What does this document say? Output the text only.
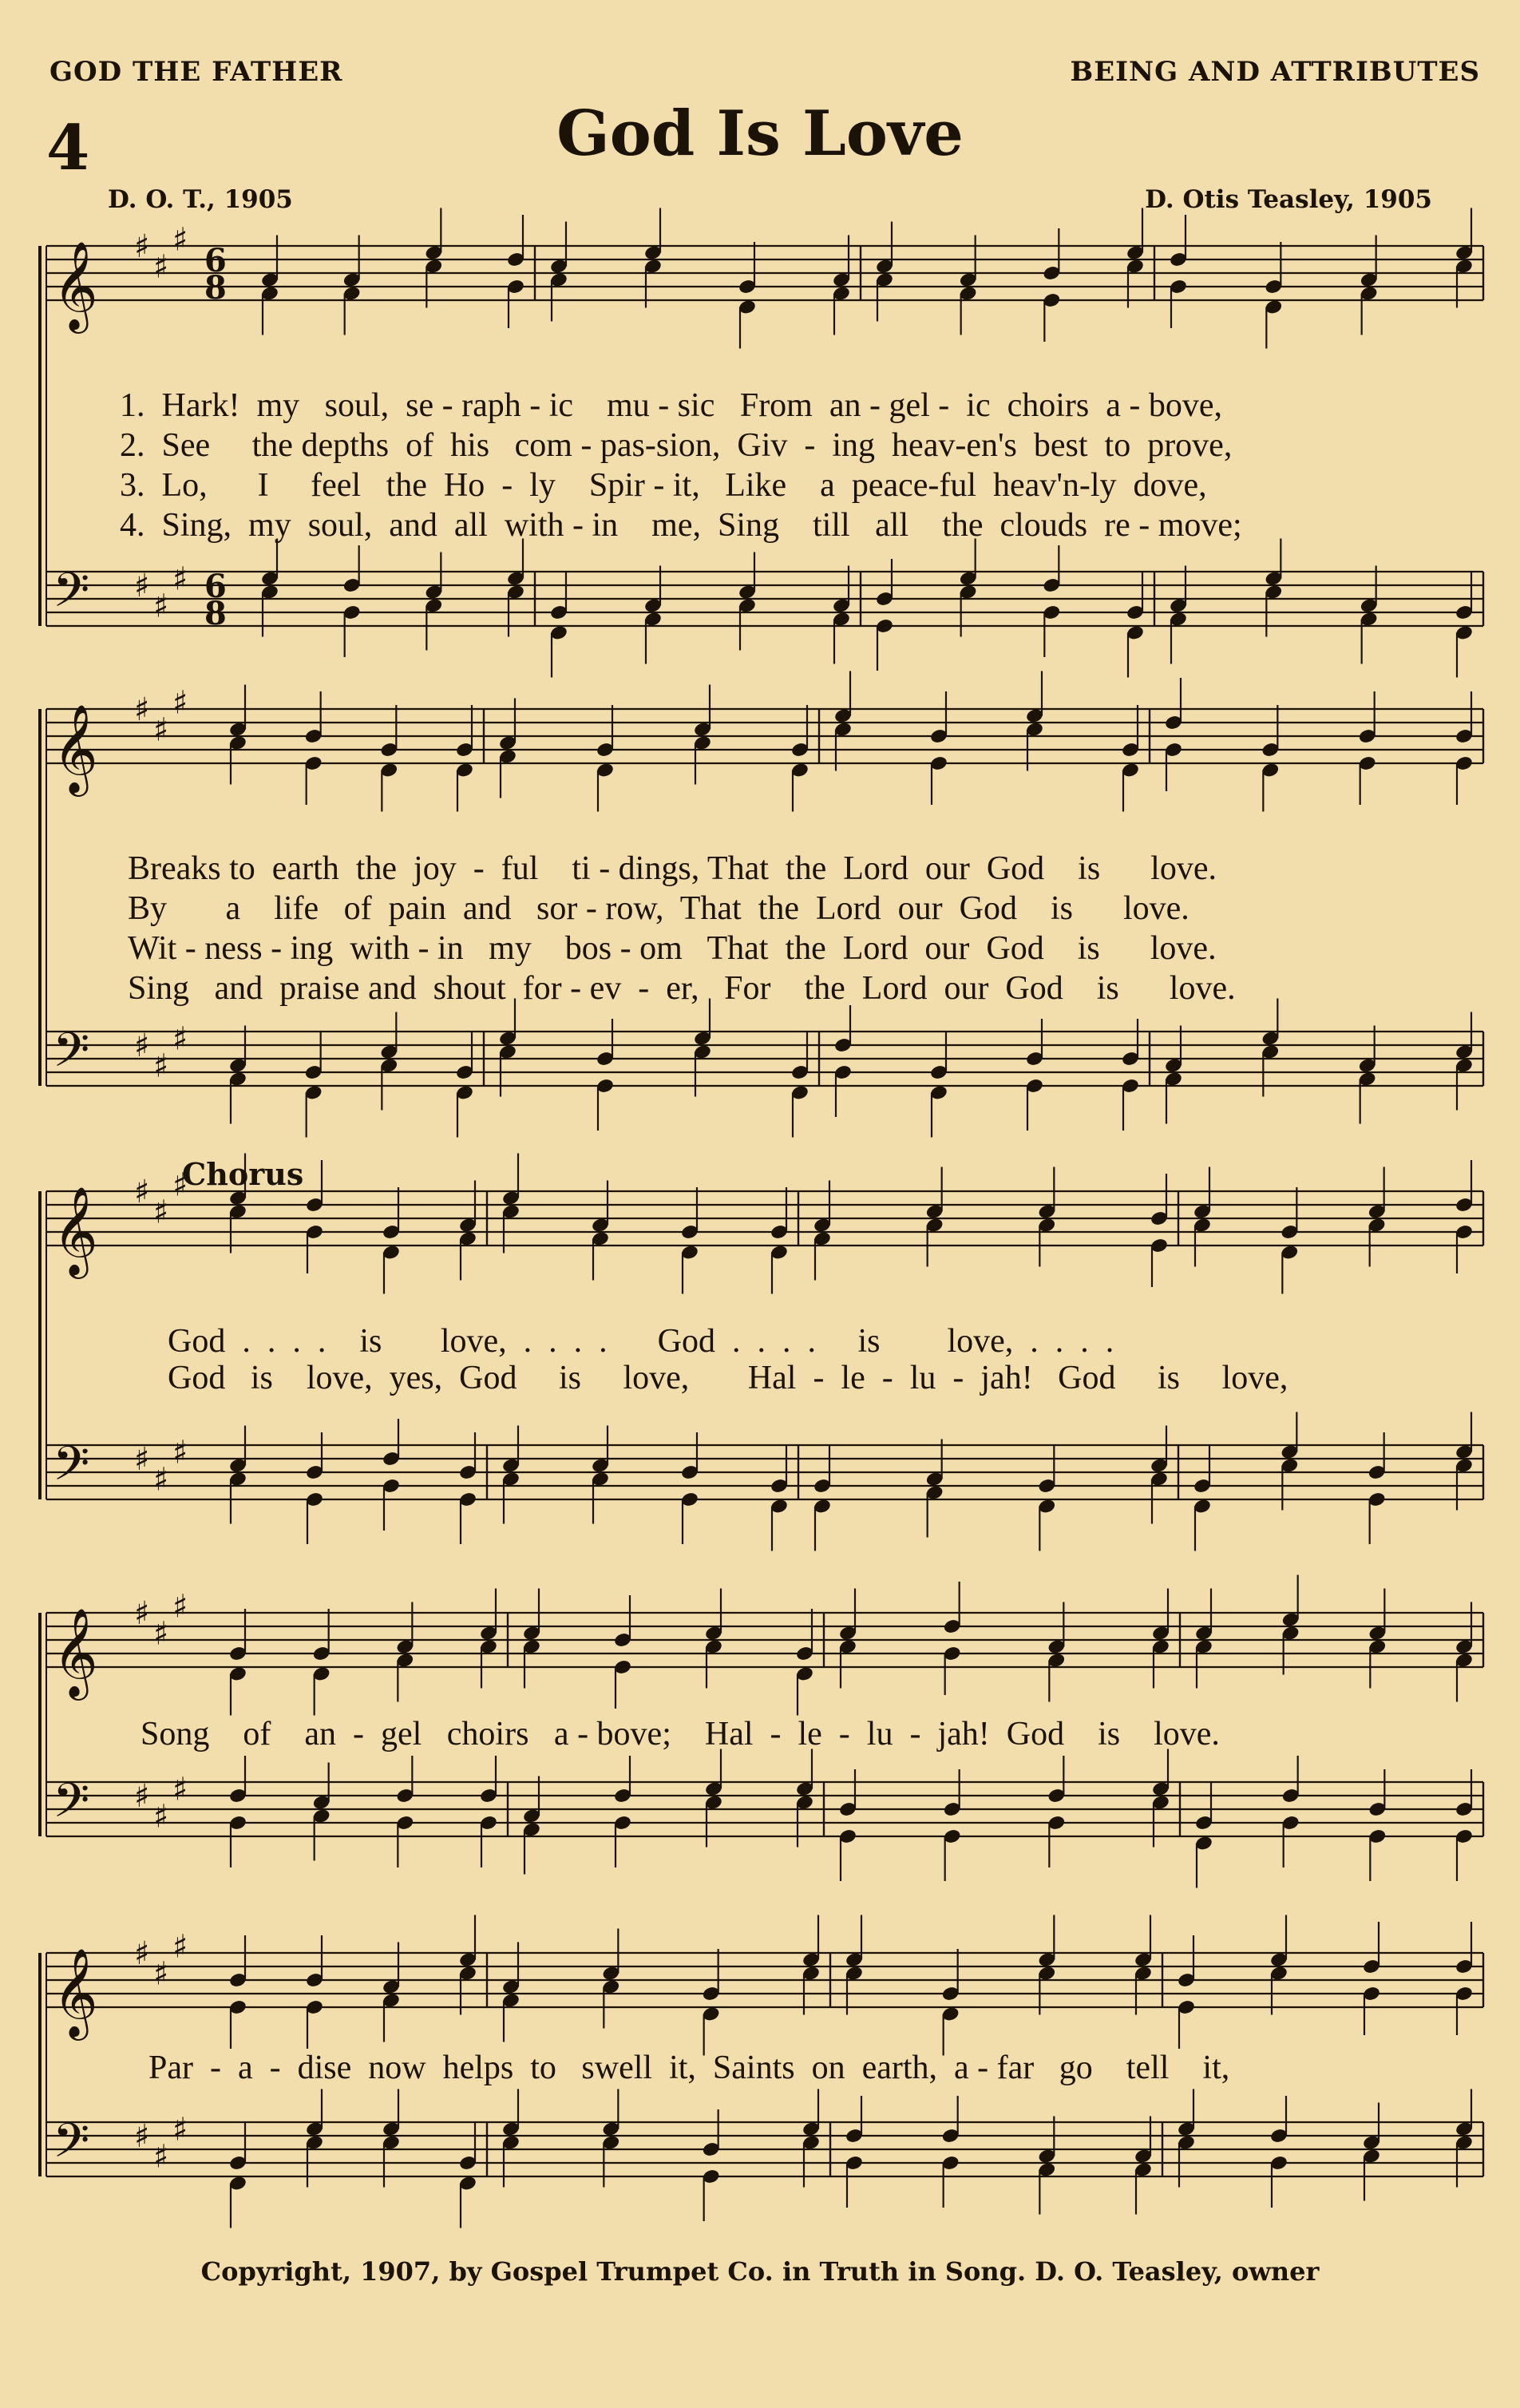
GOD THE FATHER	BEING AND ATTRIBUTES
4	God Is Love
D. O. T., 1905	D. Otis Teasley, 1905
𝄞 ♯
♯
♯
6
8
𝄢 ♯
♯
♯ 6
8
𝄞 ♯
♯
♯
𝄢 ♯
♯
♯
𝄞 ♯
♯
♯
𝄢 ♯
♯
♯
𝄞 ♯
♯
♯
𝄢 ♯
♯
♯
𝄞 ♯
♯
♯
𝄢 ♯
♯
♯
1.  Hark!  my   soul,  se - raph - ic    mu - sic   From  an - gel -  ic  choirs  a - bove,
2.  See     the depths  of  his   com - pas-sion,  Giv  -  ing  heav-en's  best  to  prove,
3.  Lo,      I     feel   the  Ho  -  ly    Spir - it,   Like    a  peace-ful  heav'n-ly  dove,
4.  Sing,  my  soul,  and  all  with - in    me,  Sing    till   all    the  clouds  re - move;
Breaks to  earth  the  joy  -  ful    ti - dings, That  the  Lord  our  God    is      love.
By       a    life   of  pain  and   sor - row,  That  the  Lord  our  God    is      love.
Wit - ness - ing  with - in   my    bos - om   That  the  Lord  our  God    is      love.
Sing   and  praise and  shout  for - ev  -  er,   For    the  Lord  our  God    is      love.
Chorus
God  .  .  .  .    is       love,  .  .  .  .      God  .  .  .  .     is        love,  .  .  .  .
God   is    love,  yes,  God     is     love,       Hal  -  le  -  lu  -  jah!   God     is     love,
Song    of    an  -  gel   choirs   a - bove;    Hal  -  le  -  lu  -  jah!  God    is    love.
Par  -  a  -  dise  now  helps  to   swell  it,  Saints  on  earth,  a - far   go    tell    it,
Copyright, 1907, by Gospel Trumpet Co. in Truth in Song. D. O. Teasley, owner
